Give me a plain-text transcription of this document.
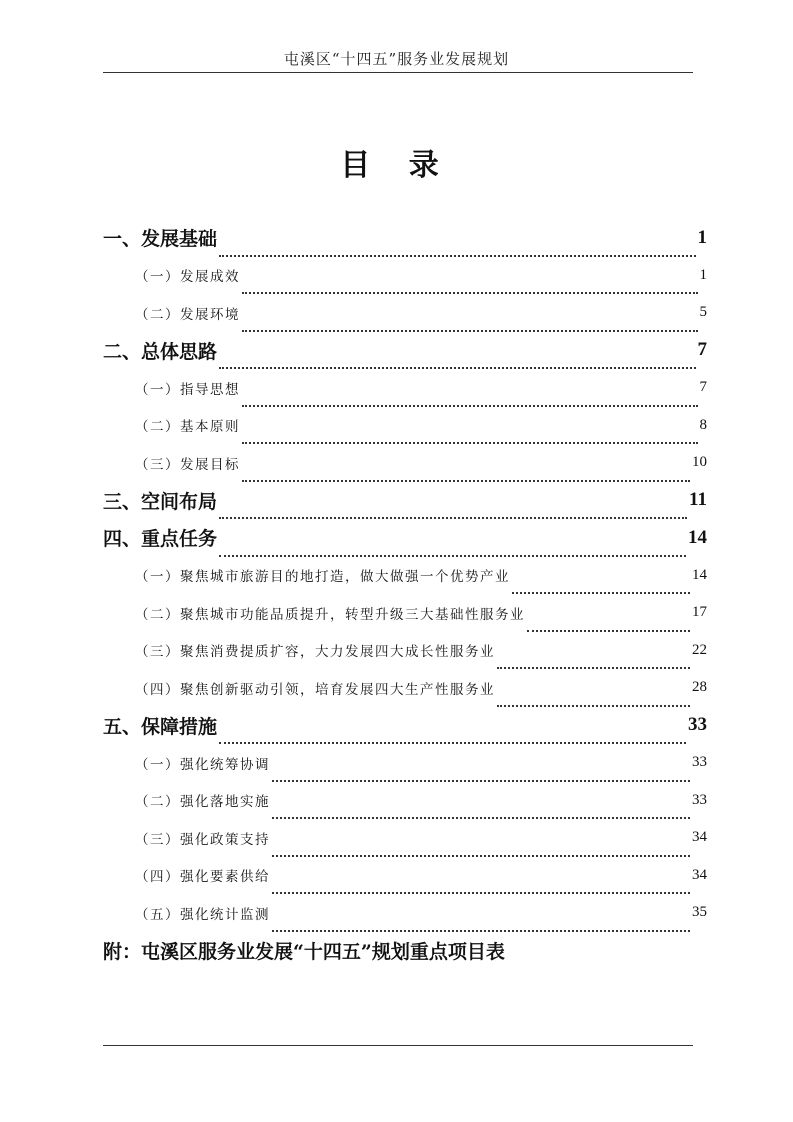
屯溪区“十四五”服务业发展规划
目 录
一、发展基础	1
（一）发展成效	1
（二）发展环境	5
二、总体思路	7
（一）指导思想	7
（二）基本原则	8
（三）发展目标	10
三、空间布局	11
四、重点任务	14
（一）聚焦城市旅游目的地打造，做大做强一个优势产业	14
（二）聚焦城市功能品质提升，转型升级三大基础性服务业	17
（三）聚焦消费提质扩容，大力发展四大成长性服务业	22
（四）聚焦创新驱动引领，培育发展四大生产性服务业	28
五、保障措施	33
（一）强化统筹协调	33
（二）强化落地实施	33
（三）强化政策支持	34
（四）强化要素供给	34
（五）强化统计监测	35
附：屯溪区服务业发展“十四五”规划重点项目表
